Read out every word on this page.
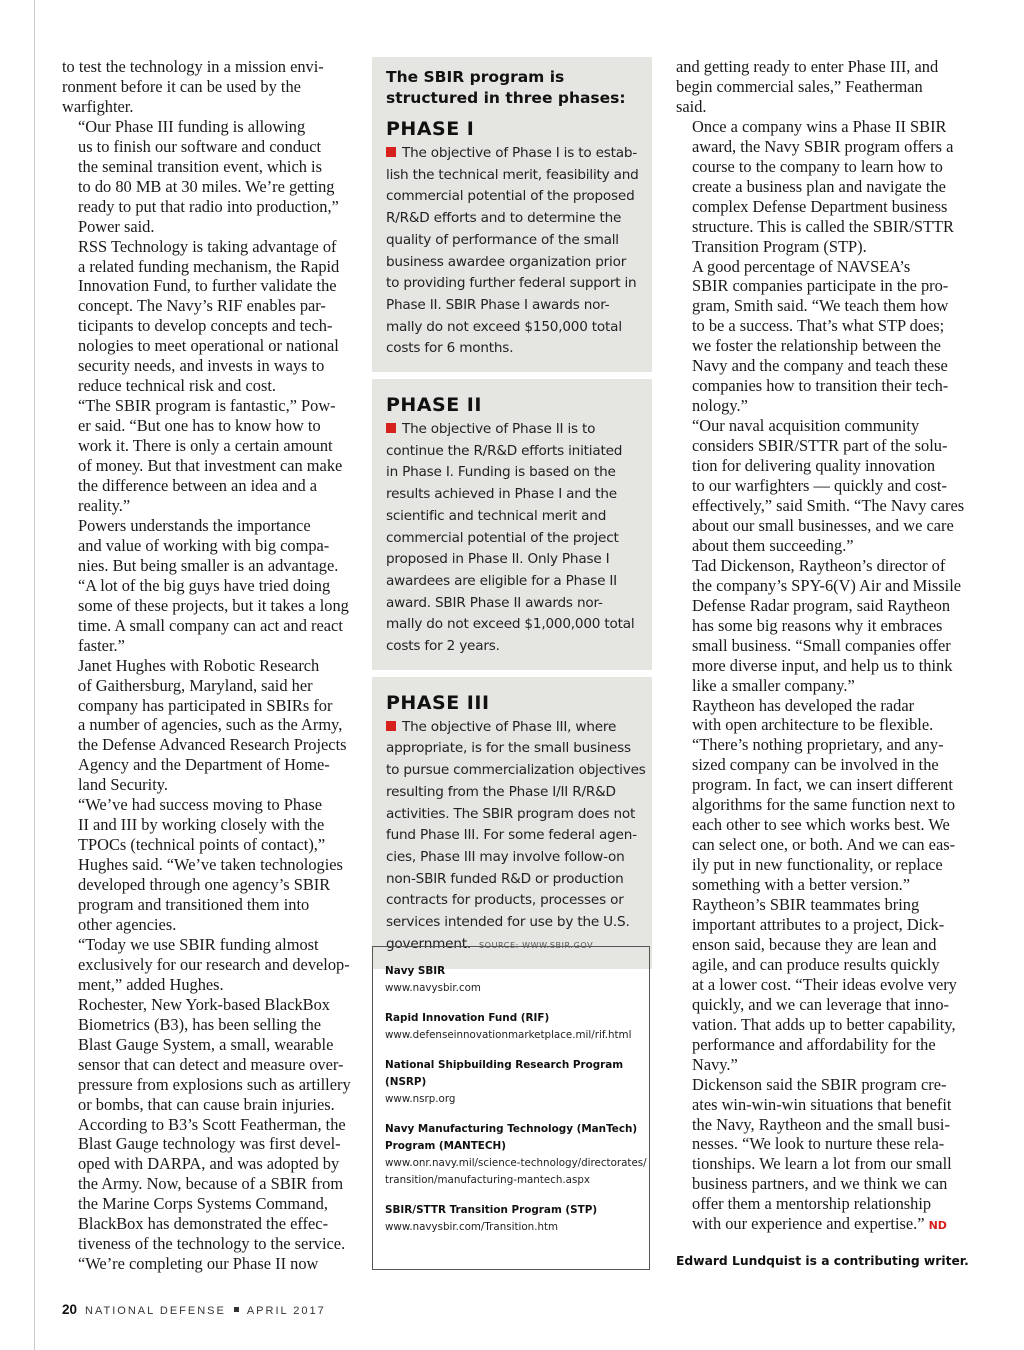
to test the technology in a mission envi-
ronment before it can be used by the
warfighter.

“Our Phase III funding is allowing
us to finish our software and conduct
the seminal transition event, which is
to do 80 MB at 30 miles. We’re getting
ready to put that radio into production,”
Power said.

RSS Technology is taking advantage of
a related funding mechanism, the Rapid
Innovation Fund, to further validate the
concept. The Navy’s RIF enables par-
ticipants to develop concepts and tech-
nologies to meet operational or national
security needs, and invests in ways to
reduce technical risk and cost.

“The SBIR program is fantastic,” Pow-
er said. “But one has to know how to
work it. There is only a certain amount
of money. But that investment can make
the difference between an idea and a
reality.”

Powers understands the importance
and value of working with big compa-
nies. But being smaller is an advantage.
“A lot of the big guys have tried doing
some of these projects, but it takes a long
time. A small company can act and react
faster.”

Janet Hughes with Robotic Research
of Gaithersburg, Maryland, said her
company has participated in SBIRs for
a number of agencies, such as the Army,
the Defense Advanced Research Projects
Agency and the Department of Home-
land Security.

“We’ve had success moving to Phase
II and III by working closely with the
TPOCs (technical points of contact),”
Hughes said. “We’ve taken technologies
developed through one agency’s SBIR
program and transitioned them into
other agencies.

“Today we use SBIR funding almost
exclusively for our research and develop-
ment,” added Hughes.

Rochester, New York-based BlackBox
Biometrics (B3), has been selling the
Blast Gauge System, a small, wearable
sensor that can detect and measure over-
pressure from explosions such as artillery
or bombs, that can cause brain injuries.
According to B3’s Scott Featherman, the
Blast Gauge technology was first devel-
oped with DARPA, and was adopted by
the Army. Now, because of a SBIR from
the Marine Corps Systems Command,
BlackBox has demonstrated the effec-
tiveness of the technology to the service.

“We’re completing our Phase II now

The SBIR program is
structured in three phases:
PHASE I
The objective of Phase I is to estab-
lish the technical merit, feasibility and
commercial potential of the proposed
R/R&D efforts and to determine the
quality of performance of the small
business awardee organization prior
to providing further federal support in
Phase II. SBIR Phase I awards nor-
mally do not exceed $150,000 total
costs for 6 months.
PHASE II
The objective of Phase II is to
continue the R/R&D efforts initiated
in Phase I. Funding is based on the
results achieved in Phase I and the
scientific and technical merit and
commercial potential of the project
proposed in Phase II. Only Phase I
awardees are eligible for a Phase II
award. SBIR Phase II awards nor-
mally do not exceed $1,000,000 total
costs for 2 years.
PHASE III
The objective of Phase III, where
appropriate, is for the small business
to pursue commercialization objectives
resulting from the Phase I/II R/R&D
activities. The SBIR program does not
fund Phase III. For some federal agen-
cies, Phase III may involve follow-on
non-SBIR funded R&D or production
contracts for products, processes or
services intended for use by the U.S.
government. SOURCE: WWW.SBIR.GOV
Navy SBIR
www.navysbir.com
Rapid Innovation Fund (RIF)
www.defenseinnovationmarketplace.mil/rif.html
National Shipbuilding Research Program
(NSRP)
www.nsrp.org
Navy Manufacturing Technology (ManTech)
Program (MANTECH)
www.onr.navy.mil/science-technology/directorates/
transition/manufacturing-mantech.aspx
SBIR/STTR Transition Program (STP)
www.navysbir.com/Transition.htm

and getting ready to enter Phase III, and
begin commercial sales,” Featherman
said.

Once a company wins a Phase II SBIR
award, the Navy SBIR program offers a
course to the company to learn how to
create a business plan and navigate the
complex Defense Department business
structure. This is called the SBIR/STTR
Transition Program (STP).

A good percentage of NAVSEA’s
SBIR companies participate in the pro-
gram, Smith said. “We teach them how
to be a success. That’s what STP does;
we foster the relationship between the
Navy and the company and teach these
companies how to transition their tech-
nology.”

“Our naval acquisition community
considers SBIR/STTR part of the solu-
tion for delivering quality innovation
to our warfighters — quickly and cost-
effectively,” said Smith. “The Navy cares
about our small businesses, and we care
about them succeeding.”

Tad Dickenson, Raytheon’s director of
the company’s SPY-6(V) Air and Missile
Defense Radar program, said Raytheon
has some big reasons why it embraces
small business. “Small companies offer
more diverse input, and help us to think
like a smaller company.”

Raytheon has developed the radar
with open architecture to be flexible.
“There’s nothing proprietary, and any-
sized company can be involved in the
program. In fact, we can insert different
algorithms for the same function next to
each other to see which works best. We
can select one, or both. And we can eas-
ily put in new functionality, or replace
something with a better version.”

Raytheon’s SBIR teammates bring
important attributes to a project, Dick-
enson said, because they are lean and
agile, and can produce results quickly
at a lower cost. “Their ideas evolve very
quickly, and we can leverage that inno-
vation. That adds up to better capability,
performance and affordability for the
Navy.”

Dickenson said the SBIR program cre-
ates win-win-win situations that benefit
the Navy, Raytheon and the small busi-
nesses. “We look to nurture these rela-
tionships. We learn a lot from our small
business partners, and we think we can
offer them a mentorship relationship
with our experience and expertise.” ND

Edward Lundquist is a contributing writer.
20 NATIONAL DEFENSE APRIL 2017
